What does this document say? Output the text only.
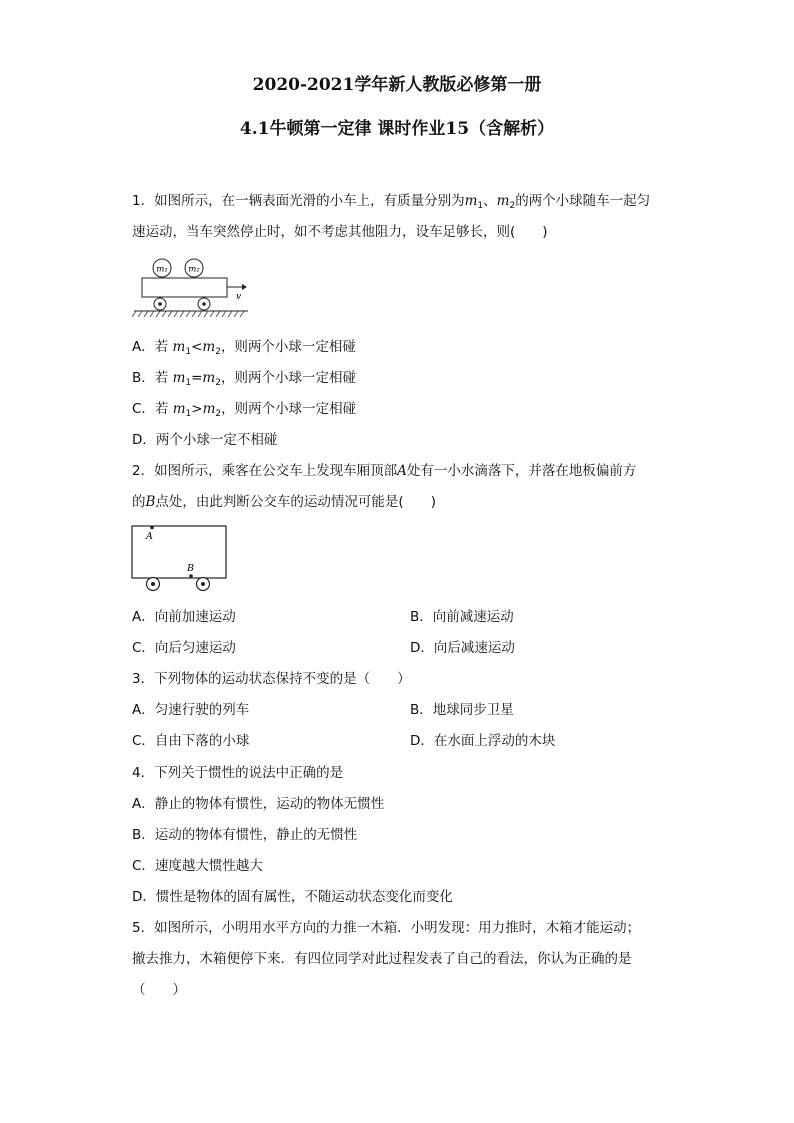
2020-2021学年新人教版必修第一册
4.1牛顿第一定律 课时作业15（含解析）
1．如图所示，在一辆表面光滑的小车上，有质量分别为$m_1$、$m_2$的两个小球随车一起匀
速运动，当车突然停止时，如不考虑其他阻力，设车足够长，则(　　)
m₁ m₂
v
A．若 $m_1<m_2$，则两个小球一定相碰
B．若 $m_1=m_2$，则两个小球一定相碰
C．若 $m_1>m_2$，则两个小球一定相碰
D．两个小球一定不相碰
2．如图所示，乘客在公交车上发现车厢顶部A处有一小水滴落下，并落在地板偏前方
的B点处，由此判断公交车的运动情况可能是(　　)
A
B
A．向前加速运动	B．向前减速运动
C．向后匀速运动	D．向后减速运动
3．下列物体的运动状态保持不变的是（　　）
A．匀速行驶的列车	B．地球同步卫星
C．自由下落的小球	D．在水面上浮动的木块
4．下列关于惯性的说法中正确的是
A．静止的物体有惯性，运动的物体无惯性
B．运动的物体有惯性，静止的无惯性
C．速度越大惯性越大
D．惯性是物体的固有属性，不随运动状态变化而变化
5．如图所示，小明用水平方向的力推一木箱．小明发现：用力推时，木箱才能运动；
撤去推力，木箱便停下来．有四位同学对此过程发表了自己的看法，你认为正确的是
（　　）
